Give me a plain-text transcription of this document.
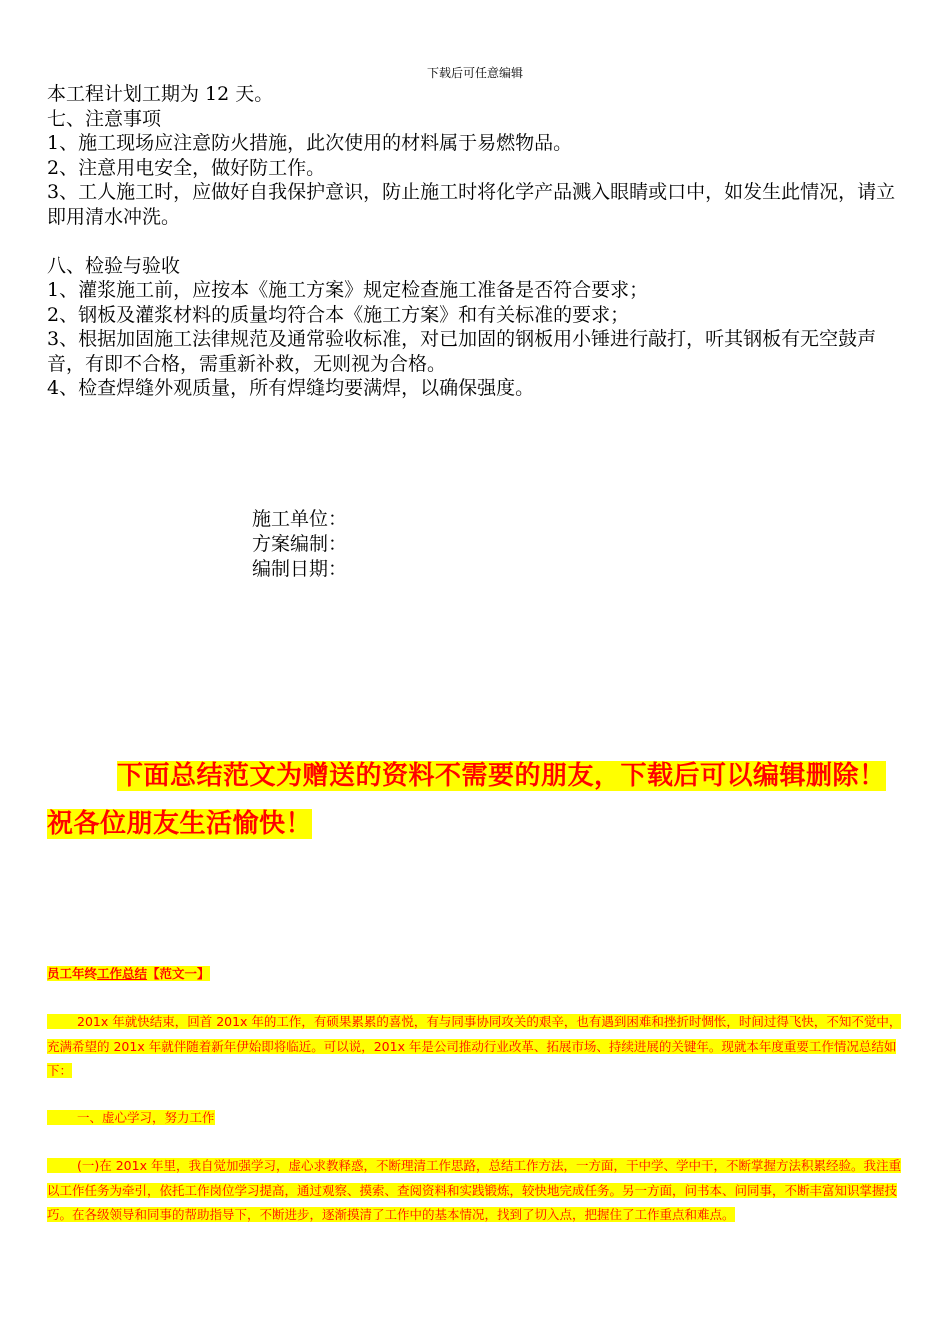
下载后可任意编辑

本工程计划工期为 12 天。

七、注意事项

1、施工现场应注意防火措施，此次使用的材料属于易燃物品。

2、注意用电安全，做好防工作。

3、工人施工时，应做好自我保护意识，防止施工时将化学产品溅入眼睛或口中，如发生此情况，请立即用清水冲洗。

八、检验与验收

1、灌浆施工前，应按本《施工方案》规定检查施工准备是否符合要求；

2、钢板及灌浆材料的质量均符合本《施工方案》和有关标准的要求；

3、根据加固施工法律规范及通常验收标准，对已加固的钢板用小锤进行敲打，听其钢板有无空鼓声音，有即不合格，需重新补救，无则视为合格。

4、检查焊缝外观质量，所有焊缝均要满焊，以确保强度。

施工单位：

方案编制：

编制日期：

下面总结范文为赠送的资料不需要的朋友，下载后可以编辑删除！祝各位朋友生活愉快！
员工年终工作总结【范文一】
201x 年就快结束，回首 201x 年的工作，有硕果累累的喜悦，有与同事协同攻关的艰辛，也有遇到困难和挫折时惆怅，时间过得飞快，不知不觉中，充满希望的 201x 年就伴随着新年伊始即将临近。可以说，201x 年是公司推动行业改革、拓展市场、持续进展的关键年。现就本年度重要工作情况总结如下：
一、虚心学习，努力工作
(一)在 201x 年里，我自觉加强学习，虚心求教释惑，不断理清工作思路，总结工作方法，一方面，干中学、学中干，不断掌握方法积累经验。我注重以工作任务为牵引，依托工作岗位学习提高，通过观察、摸索、查阅资料和实践锻炼，较快地完成任务。另一方面，问书本、问同事，不断丰富知识掌握技巧。在各级领导和同事的帮助指导下，不断进步，逐渐摸清了工作中的基本情况，找到了切入点，把握住了工作重点和难点。
